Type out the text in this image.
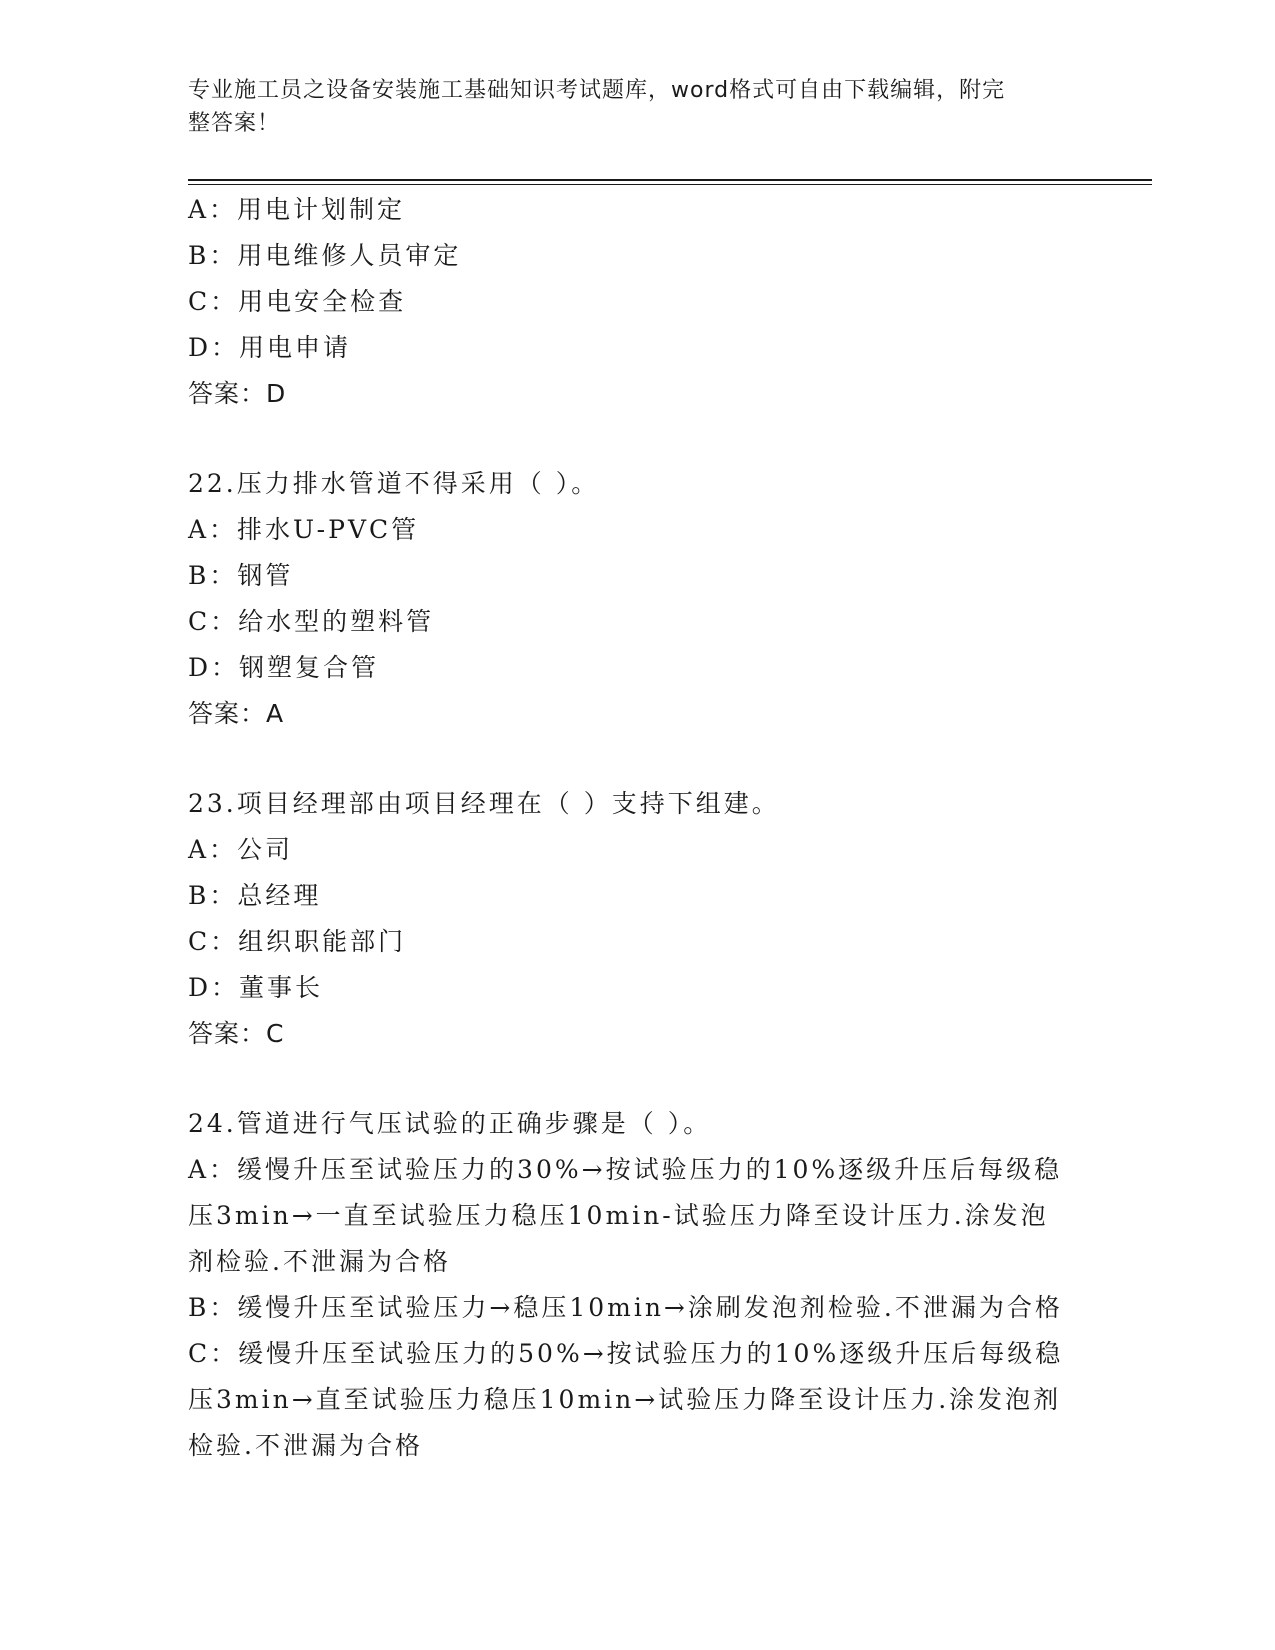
专业施工员之设备安装施工基础知识考试题库，word格式可自由下载编辑，附完
整答案！
A：用电计划制定
B：用电维修人员审定
C：用电安全检查
D：用电申请
答案：D
22.压力排水管道不得采用（ ）。
A：排水U-PVC管
B：钢管
C：给水型的塑料管
D：钢塑复合管
答案：A
23.项目经理部由项目经理在（ ）支持下组建。
A：公司
B：总经理
C：组织职能部门
D：董事长
答案：C
24.管道进行气压试验的正确步骤是（ ）。
A：缓慢升压至试验压力的30%→按试验压力的10%逐级升压后每级稳
压3min→一直至试验压力稳压10min-试验压力降至设计压力.涂发泡
剂检验.不泄漏为合格
B：缓慢升压至试验压力→稳压10min→涂刷发泡剂检验.不泄漏为合格
C：缓慢升压至试验压力的50%→按试验压力的10%逐级升压后每级稳
压3min→直至试验压力稳压10min→试验压力降至设计压力.涂发泡剂
检验.不泄漏为合格
